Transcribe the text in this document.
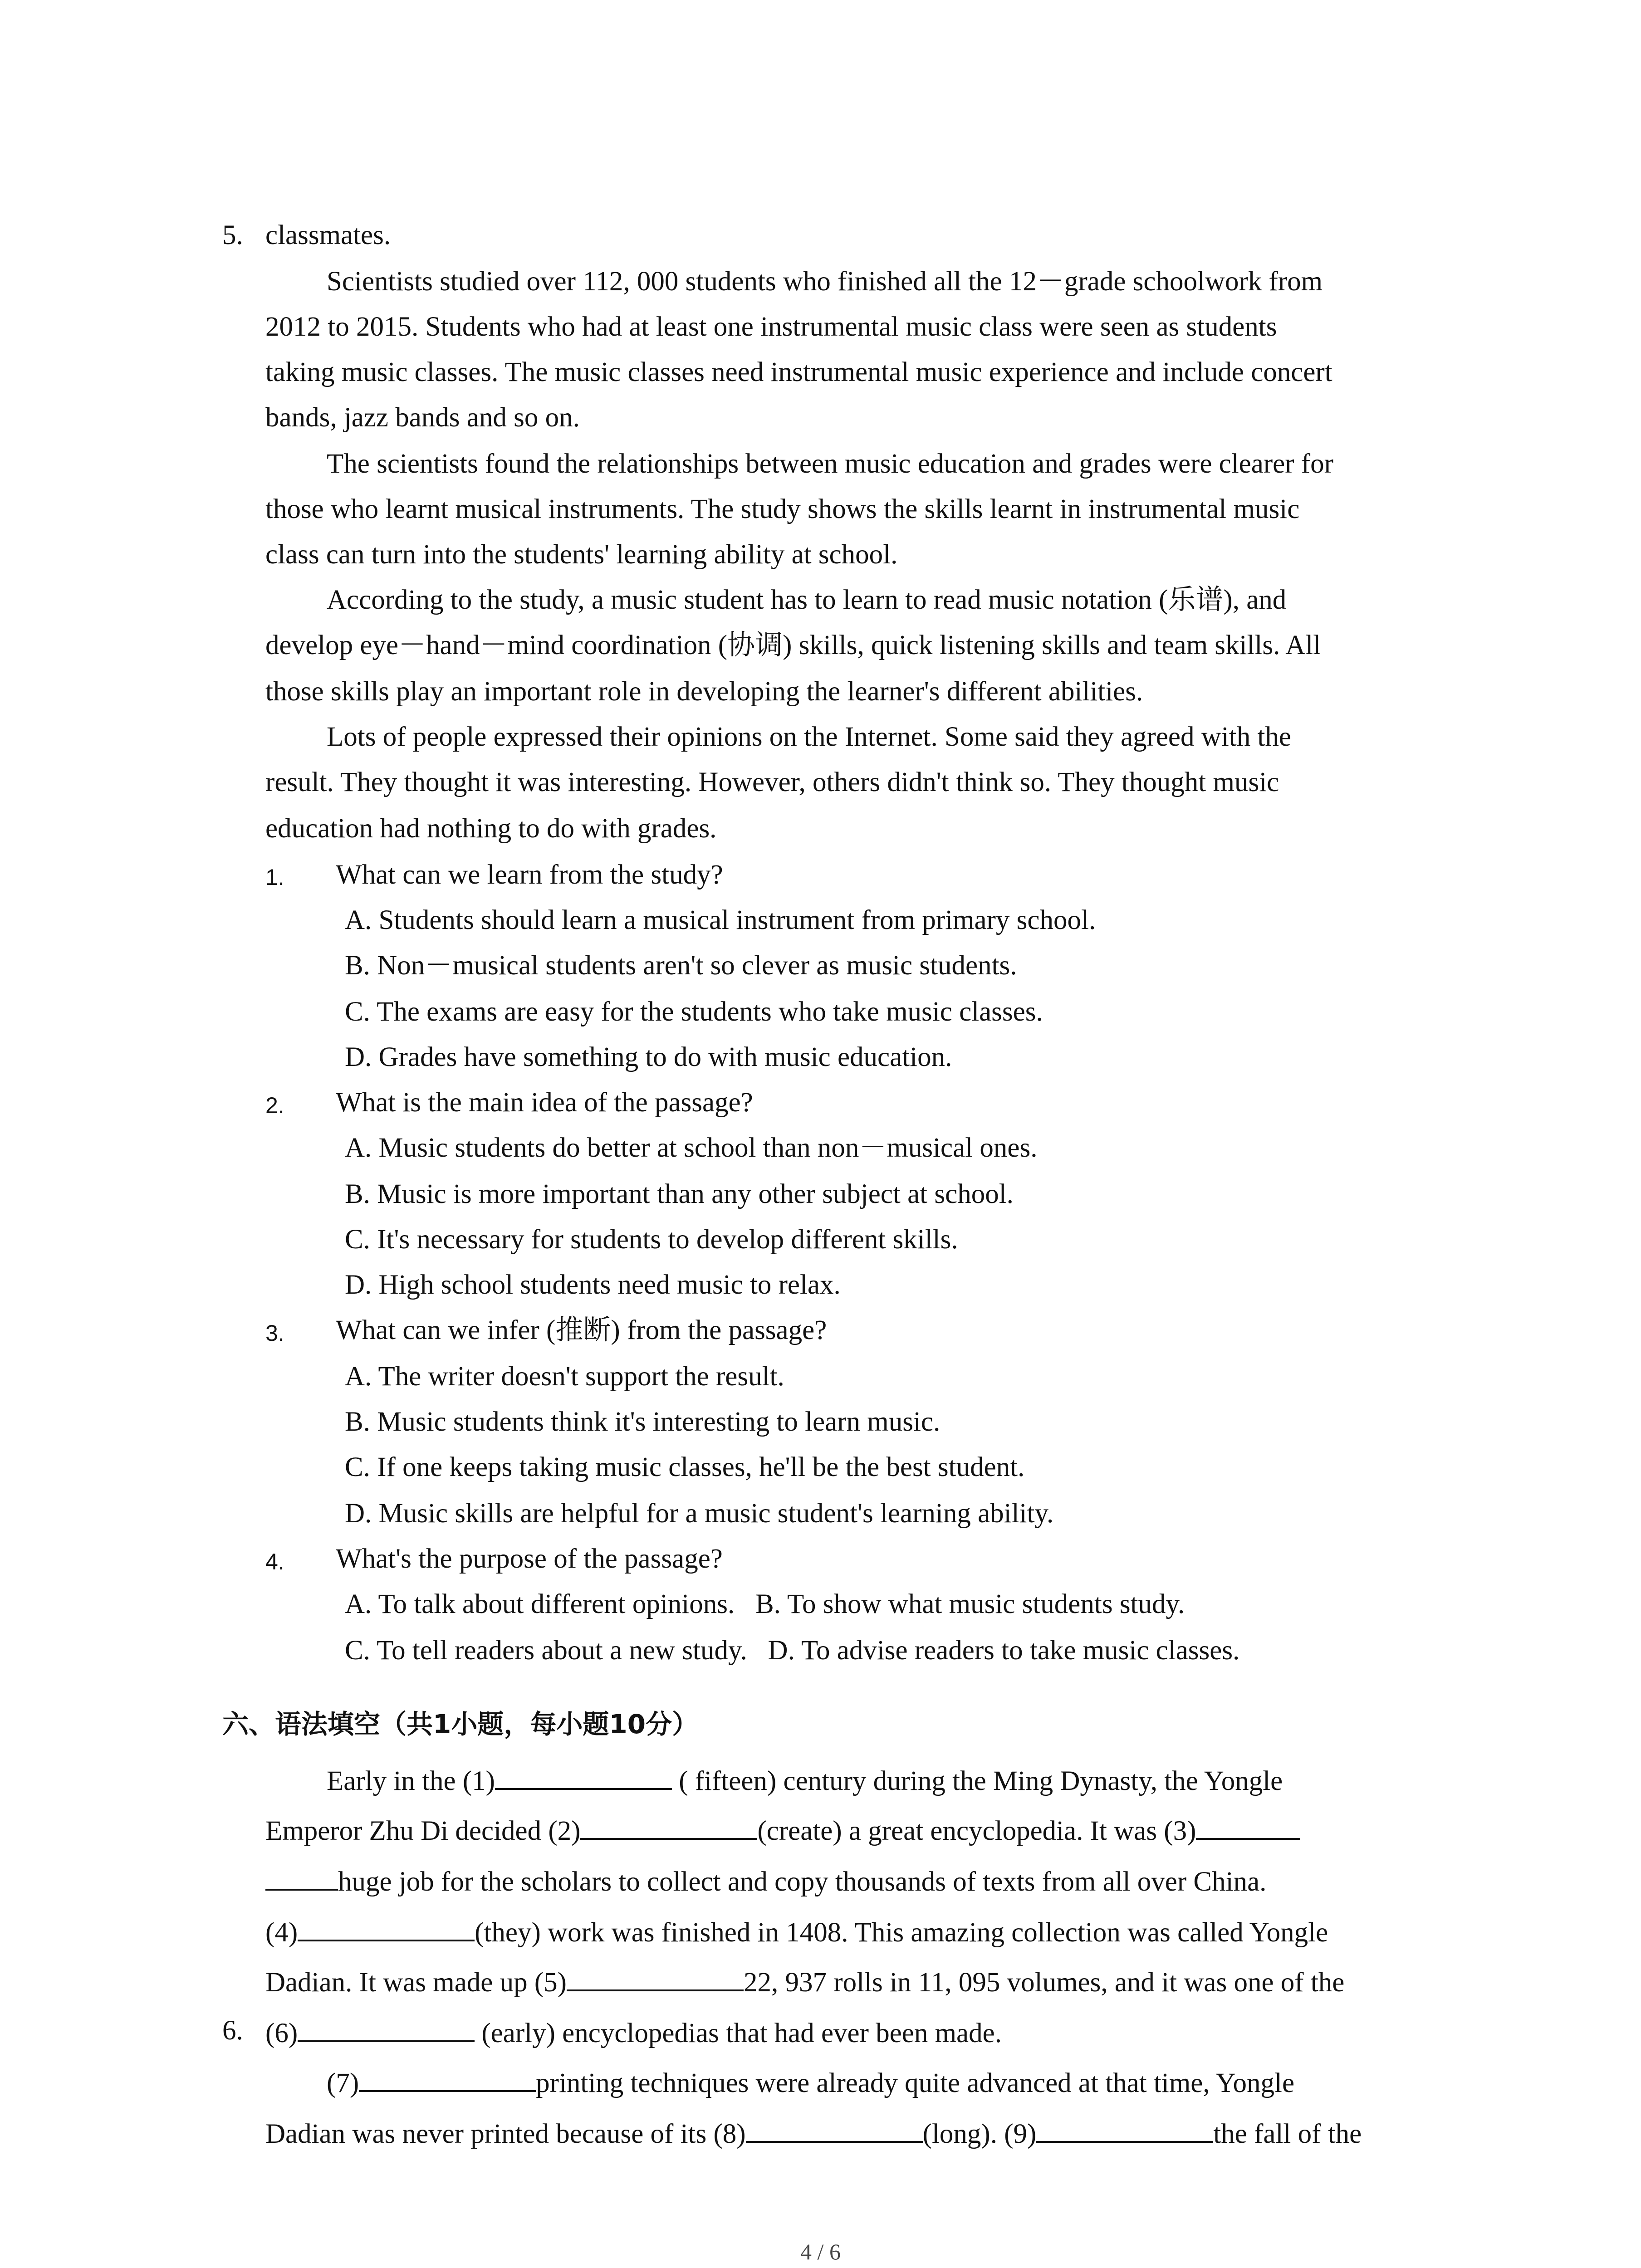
5. classmates.
Scientists studied over 112, 000 students who finished all the 12－grade schoolwork from
2012 to 2015. Students who had at least one instrumental music class were seen as students
taking music classes. The music classes need instrumental music experience and include concert
bands, jazz bands and so on.
The scientists found the relationships between music education and grades were clearer for
those who learnt musical instruments. The study shows the skills learnt in instrumental music
class can turn into the students' learning ability at school.
According to the study, a music student has to learn to read music notation (乐谱), and
develop eye－hand－mind coordination (协调) skills, quick listening skills and team skills. All
those skills play an important role in developing the learner's different abilities.
Lots of people expressed their opinions on the Internet. Some said they agreed with the
result. They thought it was interesting. However, others didn't think so. They thought music
education had nothing to do with grades.
1. What can we learn from the study?
A. Students should learn a musical instrument from primary school.
B. Non－musical students aren't so clever as music students.
C. The exams are easy for the students who take music classes.
D. Grades have something to do with music education.
2. What is the main idea of the passage?
A. Music students do better at school than non－musical ones.
B. Music is more important than any other subject at school.
C. It's necessary for students to develop different skills.
D. High school students need music to relax.
3. What can we infer (推断) from the passage?
A. The writer doesn't support the result.
B. Music students think it's interesting to learn music.
C. If one keeps taking music classes, he'll be the best student.
D. Music skills are helpful for a music student's learning ability.
4. What's the purpose of the passage?
A. To talk about different opinions.   B. To show what music students study.
C. To tell readers about a new study.   D. To advise readers to take music classes.
六、语法填空（共1小题，每小题10分）
Early in the (1)	( fifteen) century during the Ming Dynasty, the Yongle
Emperor Zhu Di decided (2)	(create) a great encyclopedia. It was (3)
huge job for the scholars to collect and copy thousands of texts from all over China.
(4)	(they) work was finished in 1408. This amazing collection was called Yongle
Dadian. It was made up (5)	22, 937 rolls in 11, 095 volumes, and it was one of the
6. (6)	(early) encyclopedias that had ever been made.
(7)	printing techniques were already quite advanced at that time, Yongle
Dadian was never printed because of its (8)	(long). (9)	the fall of the
4 / 6
